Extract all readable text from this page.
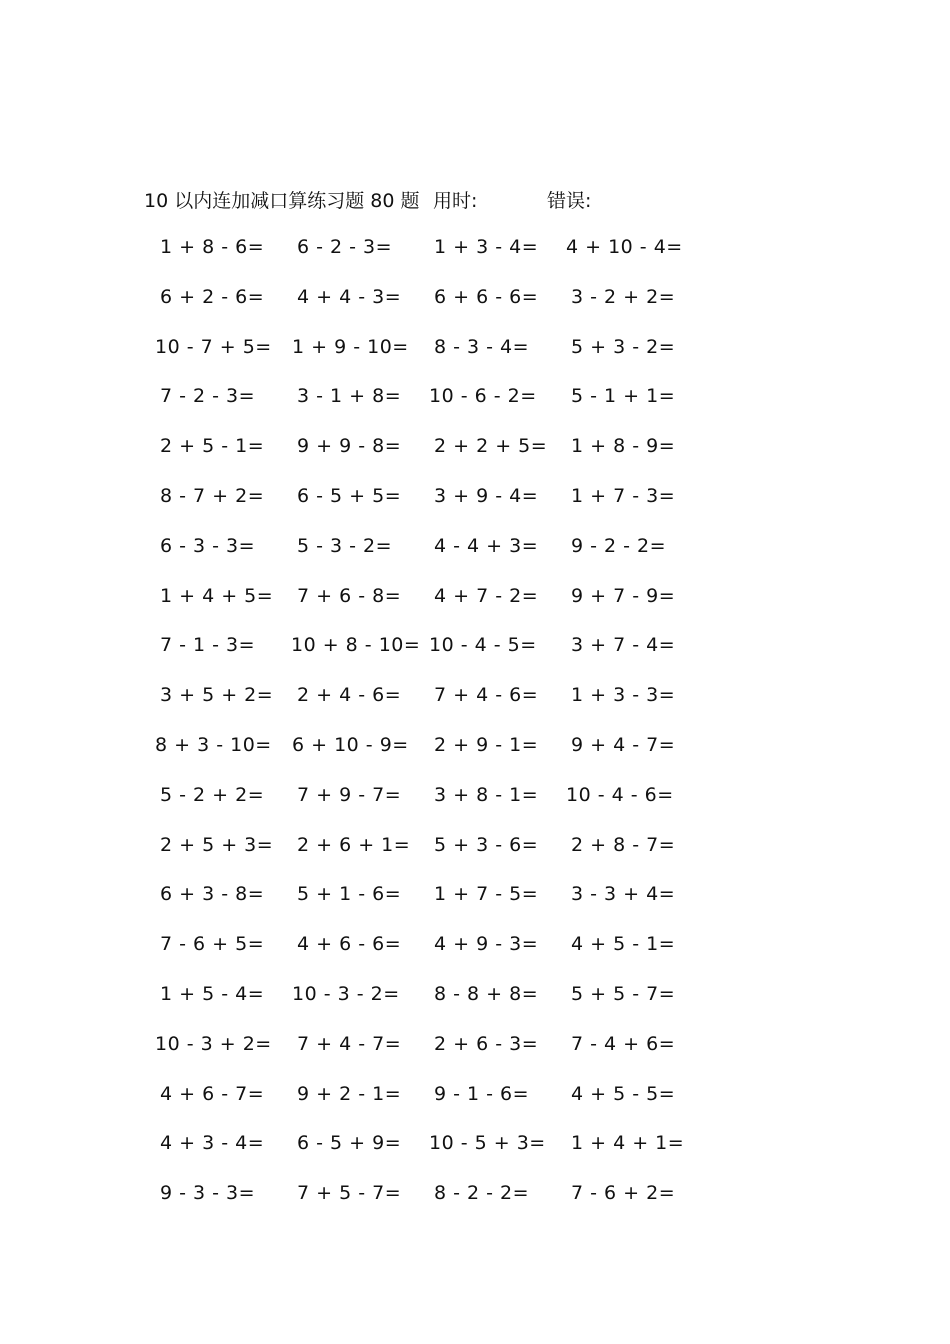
10 以内连加减口算练习题 80 题 用时:	错误:
1 + 8 - 6= 6 - 2 - 3= 1 + 3 - 4= 4 + 10 - 4=
6 + 2 - 6= 4 + 4 - 3= 6 + 6 - 6= 3 - 2 + 2=
10 - 7 + 5= 1 + 9 - 10= 8 - 3 - 4= 5 + 3 - 2=
7 - 2 - 3= 3 - 1 + 8= 10 - 6 - 2= 5 - 1 + 1=
2 + 5 - 1= 9 + 9 - 8= 2 + 2 + 5= 1 + 8 - 9=
8 - 7 + 2= 6 - 5 + 5= 3 + 9 - 4= 1 + 7 - 3=
6 - 3 - 3= 5 - 3 - 2= 4 - 4 + 3= 9 - 2 - 2=
1 + 4 + 5= 7 + 6 - 8= 4 + 7 - 2= 9 + 7 - 9=
7 - 1 - 3= 10 + 8 - 10= 10 - 4 - 5= 3 + 7 - 4=
3 + 5 + 2= 2 + 4 - 6= 7 + 4 - 6= 1 + 3 - 3=
8 + 3 - 10= 6 + 10 - 9= 2 + 9 - 1= 9 + 4 - 7=
5 - 2 + 2= 7 + 9 - 7= 3 + 8 - 1= 10 - 4 - 6=
2 + 5 + 3= 2 + 6 + 1= 5 + 3 - 6= 2 + 8 - 7=
6 + 3 - 8= 5 + 1 - 6= 1 + 7 - 5= 3 - 3 + 4=
7 - 6 + 5= 4 + 6 - 6= 4 + 9 - 3= 4 + 5 - 1=
1 + 5 - 4= 10 - 3 - 2= 8 - 8 + 8= 5 + 5 - 7=
10 - 3 + 2= 7 + 4 - 7= 2 + 6 - 3= 7 - 4 + 6=
4 + 6 - 7= 9 + 2 - 1= 9 - 1 - 6= 4 + 5 - 5=
4 + 3 - 4= 6 - 5 + 9= 10 - 5 + 3= 1 + 4 + 1=
9 - 3 - 3= 7 + 5 - 7= 8 - 2 - 2= 7 - 6 + 2=
